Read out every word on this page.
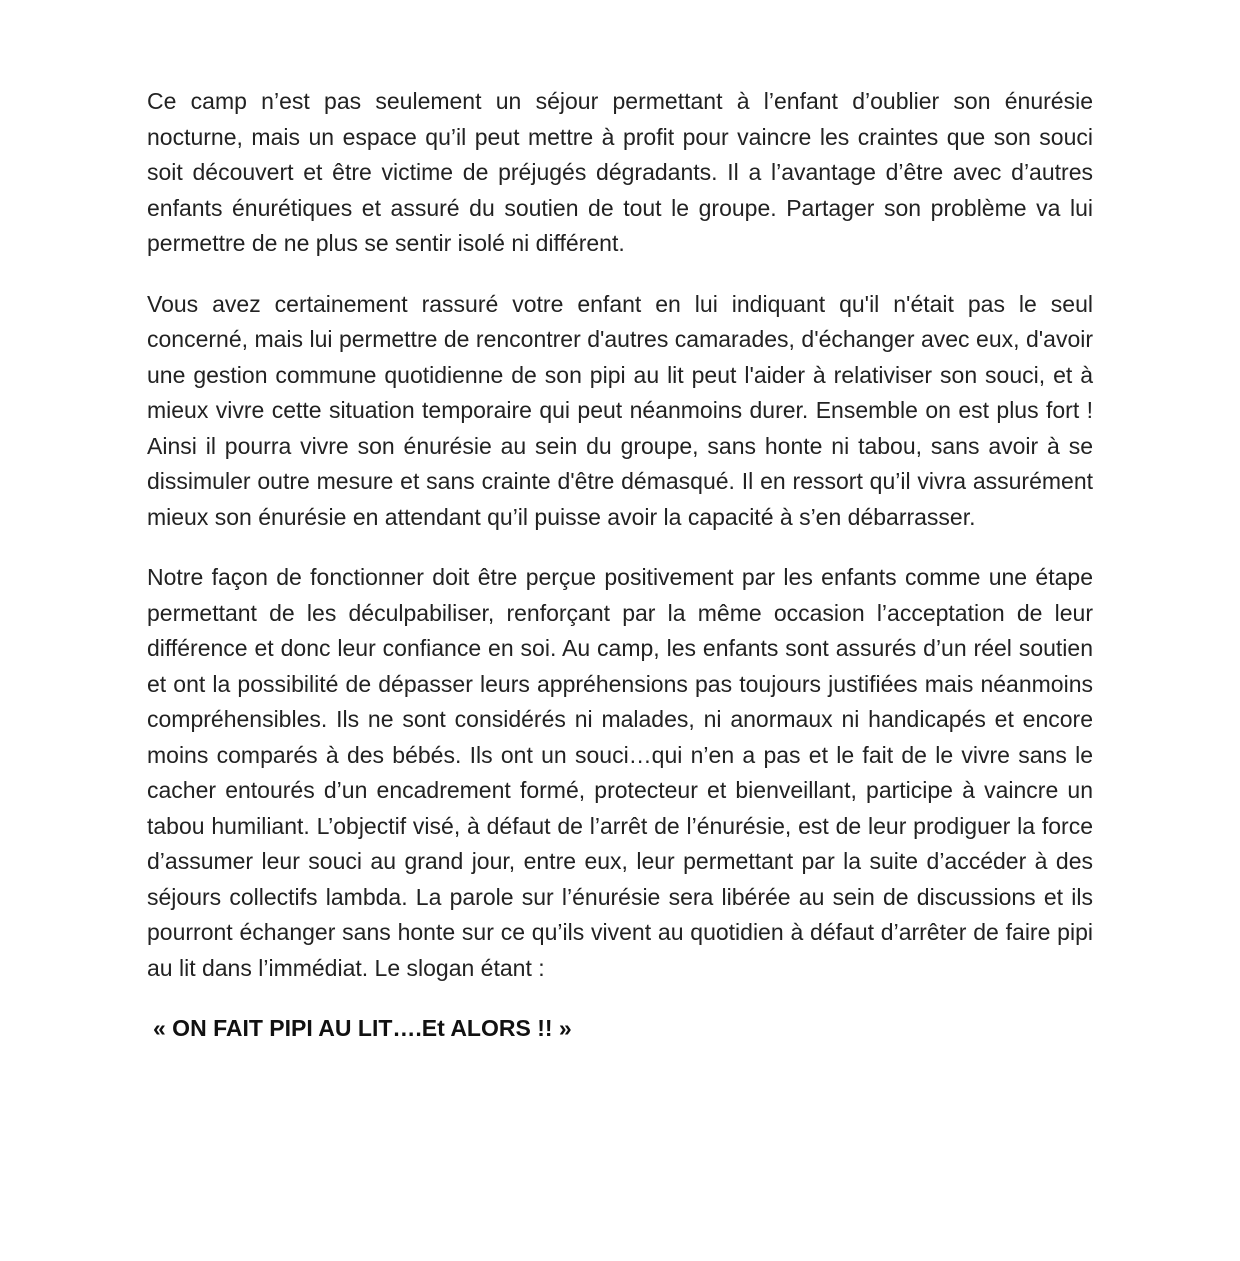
Ce camp n’est pas seulement un séjour permettant à l’enfant d’oublier son énurésie nocturne, mais un espace qu’il peut mettre à profit pour vaincre les craintes que son souci soit découvert et être victime de préjugés dégradants. Il a l’avantage d’être avec d’autres enfants énurétiques et assuré du soutien de tout le groupe. Partager son problème va lui permettre de ne plus se sentir isolé ni différent.

Vous avez certainement rassuré votre enfant en lui indiquant qu'il n'était pas le seul concerné, mais lui permettre de rencontrer d'autres camarades, d'échanger avec eux, d'avoir une gestion commune quotidienne de son pipi au lit peut l'aider à relativiser son souci, et à mieux vivre cette situation temporaire qui peut néanmoins durer. Ensemble on est plus fort ! Ainsi il pourra vivre son énurésie au sein du groupe, sans honte ni tabou, sans avoir à se dissimuler outre mesure et sans crainte d'être démasqué. Il en ressort qu’il vivra assurément mieux son énurésie en attendant qu’il puisse avoir la capacité à s’en débarrasser.

Notre façon de fonctionner doit être perçue positivement par les enfants comme une étape permettant de les déculpabiliser, renforçant par la même occasion l’acceptation de leur différence et donc leur confiance en soi. Au camp, les enfants sont assurés d’un réel soutien et ont la possibilité de dépasser leurs appréhensions pas toujours justifiées mais néanmoins compréhensibles. Ils ne sont considérés ni malades, ni anormaux ni handicapés et encore moins comparés à des bébés. Ils ont un souci…qui n’en a pas et le fait de le vivre sans le cacher entourés d’un encadrement formé, protecteur et bienveillant, participe à vaincre un tabou humiliant. L’objectif visé, à défaut de l’arrêt de l’énurésie, est de leur prodiguer la force d’assumer leur souci au grand jour, entre eux, leur permettant par la suite d’accéder à des séjours collectifs lambda. La parole sur l’énurésie sera libérée au sein de discussions et ils pourront échanger sans honte sur ce qu’ils vivent au quotidien à défaut d’arrêter de faire pipi au lit dans l’immédiat. Le slogan étant :

« ON FAIT PIPI AU LIT….Et ALORS !! »
